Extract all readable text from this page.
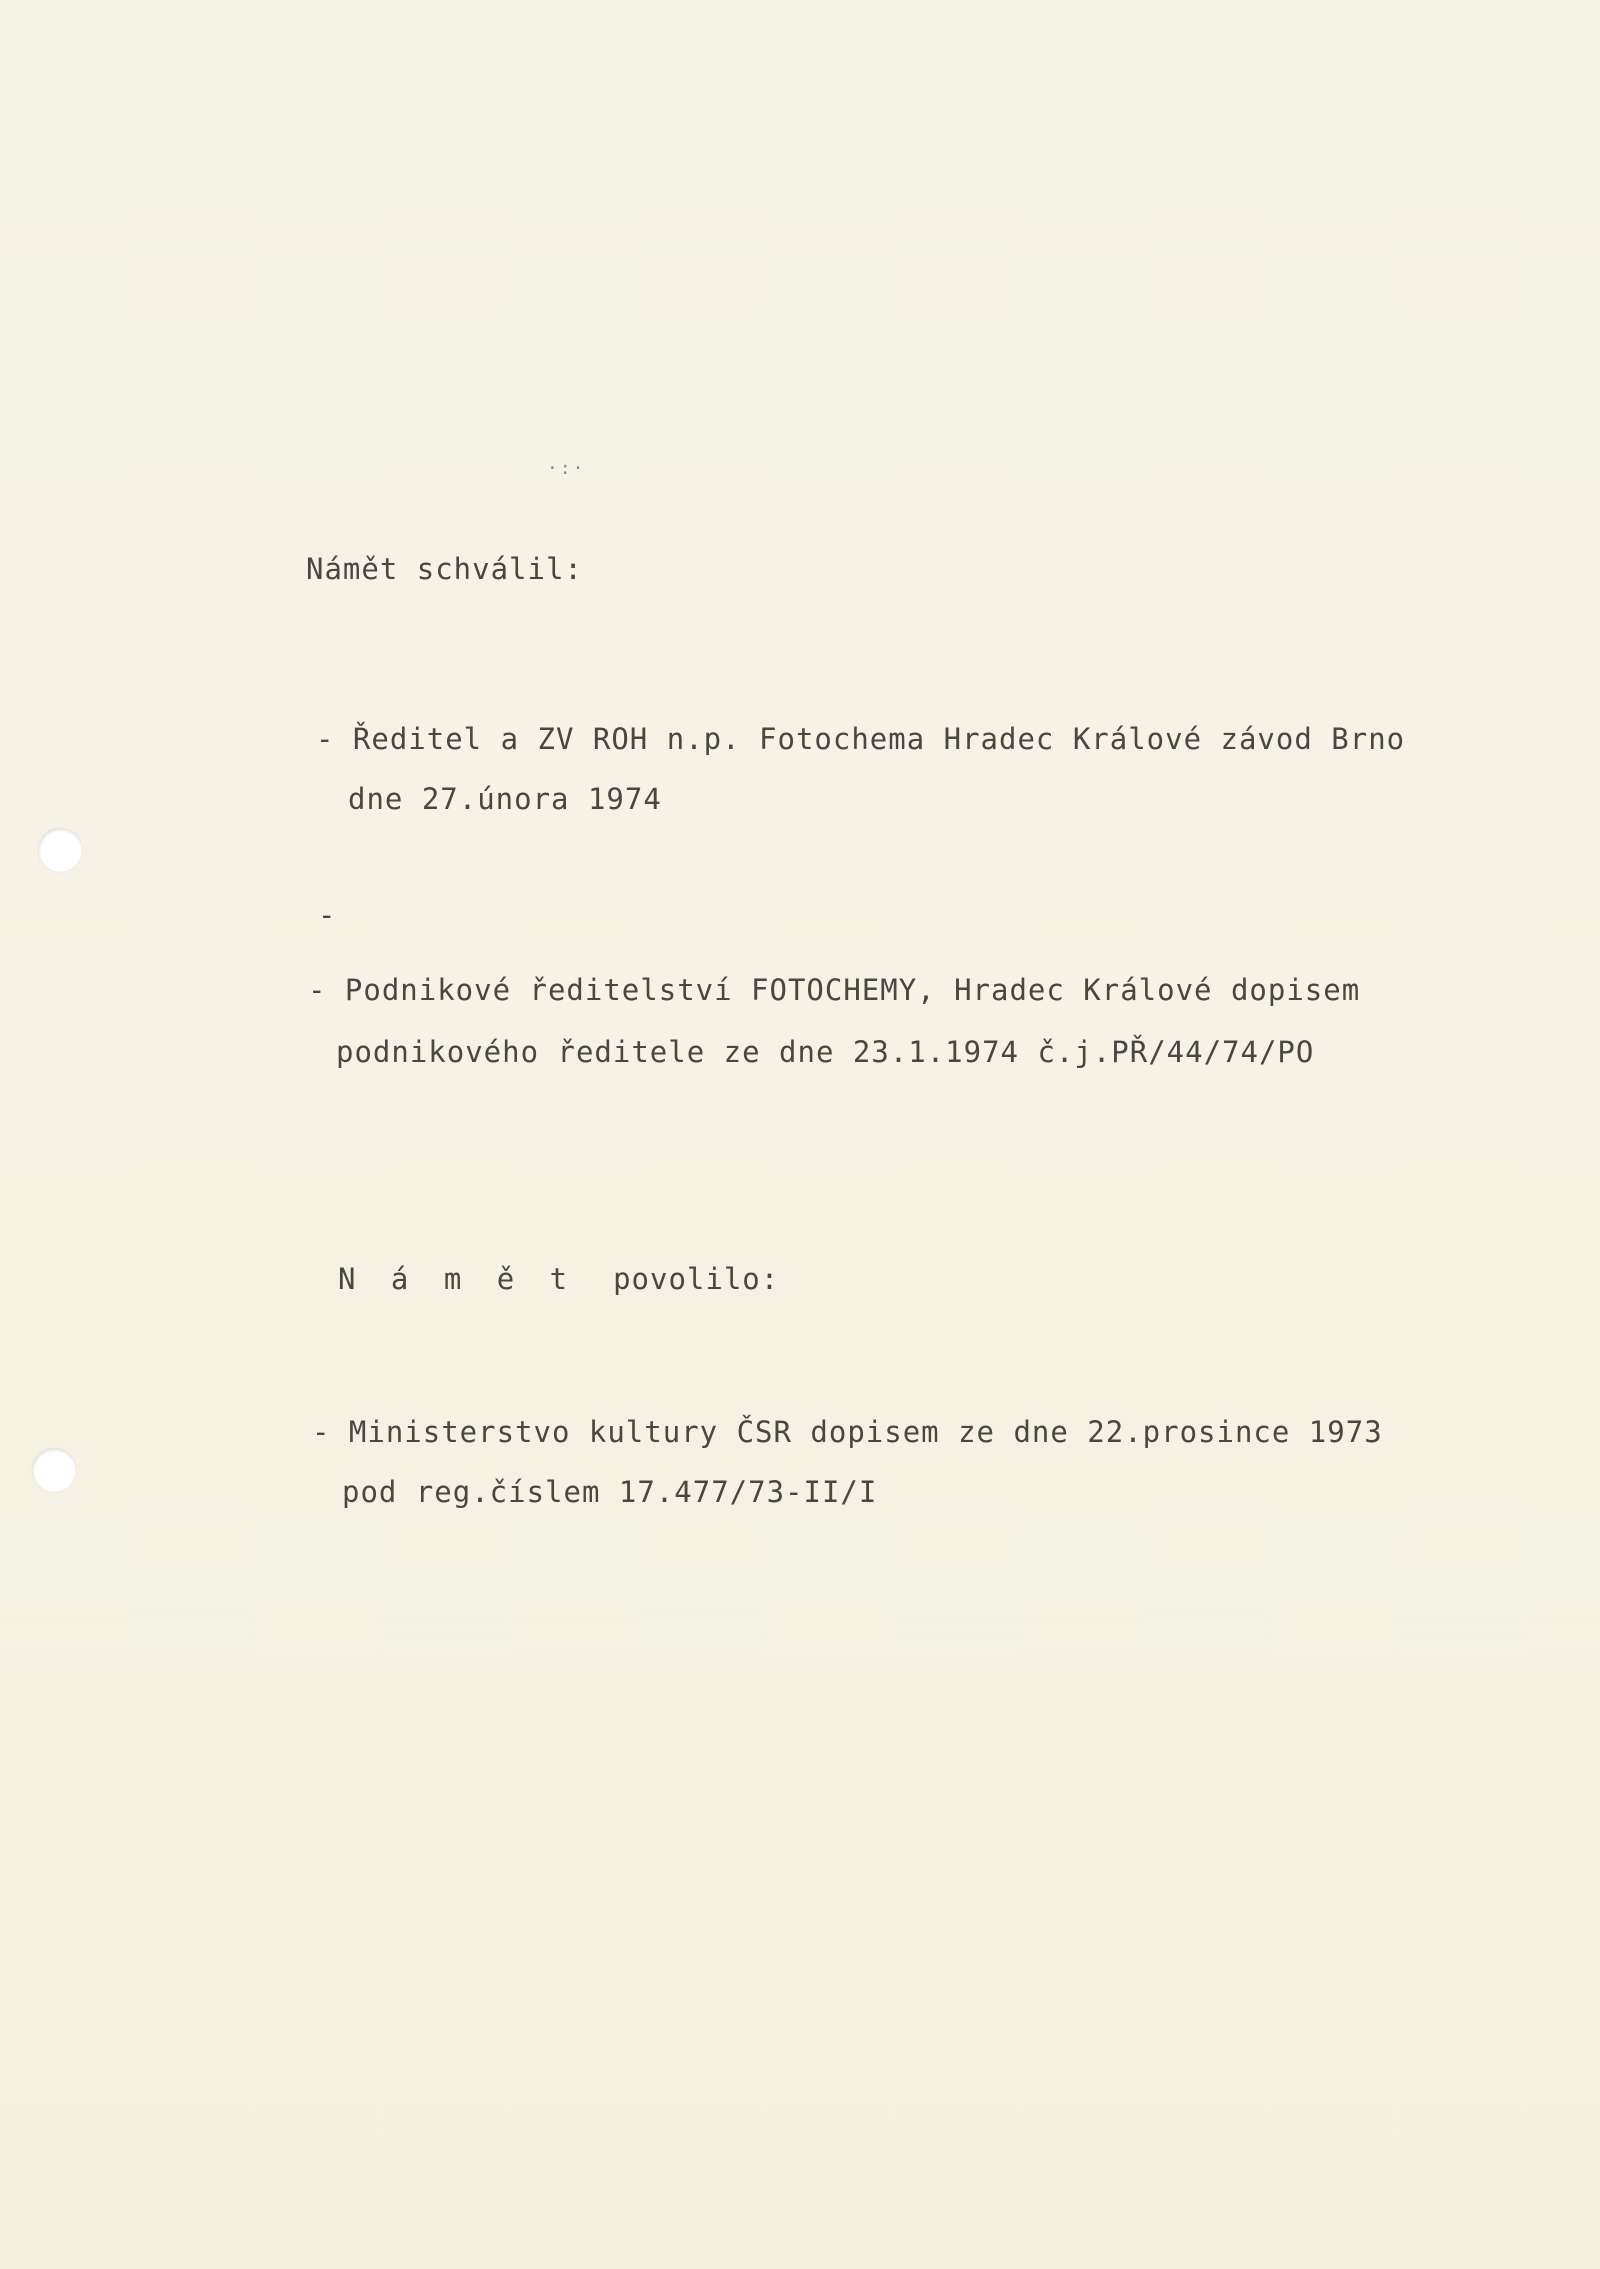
·:·
Námět schválil:
- Ředitel a ZV ROH n.p. Fotochema Hradec Králové závod Brno
dne 27.února 1974
-
- Podnikové ředitelství FOTOCHEMY, Hradec Králové dopisem
podnikového ředitele ze dne 23.1.1974 č.j.PŘ/44/74/PO
N á m ě t povolilo:
- Ministerstvo kultury ČSR dopisem ze dne 22.prosince 1973
pod reg.číslem 17.477/73-II/I
